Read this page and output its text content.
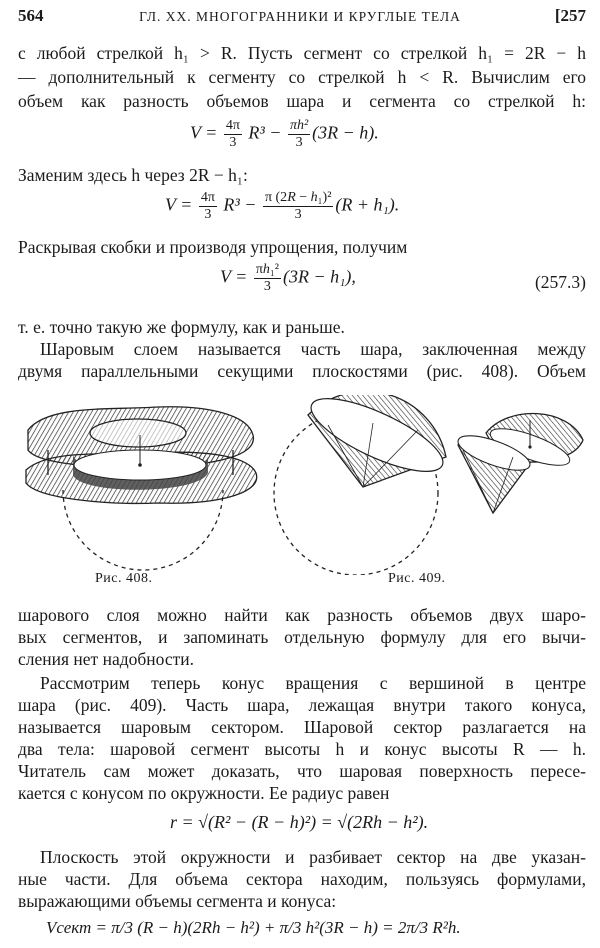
564	ГЛ. XX. МНОГОГРАННИКИ И КРУГЛЫЕ ТЕЛА	[257
с любой стрелкой h₁ > R. Пусть сегмент со стрелкой h₁ = 2R − h
— дополнительный к сегменту со стрелкой h < R. Вычислим его
объем как разность объемов шара и сегмента со стрелкой h:
$V = \frac{4\pi}{3} R^3 - \frac{\text{πh²}}{3} (3R - h)$.
Заменим здесь h через 2R − h₁:
$V = \frac{4\pi}{3} R^3 - \frac{\text{π (2R − h₁)²}}{3} (R + h_1)$.
Раскрывая скобки и производя упрощения, получим
$V = \frac{\text{πh₁²}}{3} (3R - h_1)$,	(257.3)
т. е. точно такую же формулу, как и раньше.
Шаровым слоем называется часть шара, заключенная между
двумя параллельными секущими плоскостями (рис. 408). Объем
Рис. 408.	Рис. 409.
шарового слоя можно найти как разность объемов двух шаро-
вых сегментов, и запоминать отдельную формулу для его вычи-
сления нет надобности.
Рассмотрим теперь конус вращения с вершиной в центре
шара (рис. 409). Часть шара, лежащая внутри такого конуса,
называется шаровым сектором. Шаровой сектор разлагается на
два тела: шаровой сегмент высоты h и конус высоты R — h.
Читатель сам может доказать, что шаровая поверхность пересе-
кается с конусом по окружности. Ее радиус равен
r = √(R² − (R − h)²) = √(2Rh − h²).
Плоскость этой окружности и разбивает сектор на две указан-
ные части. Для объема сектора находим, пользуясь формулами,
выражающими объемы сегмента и конуса:
Vсект = π/3 (R − h)(2Rh − h²) + π/3 h²(3R − h) = 2π/3 R²h.
